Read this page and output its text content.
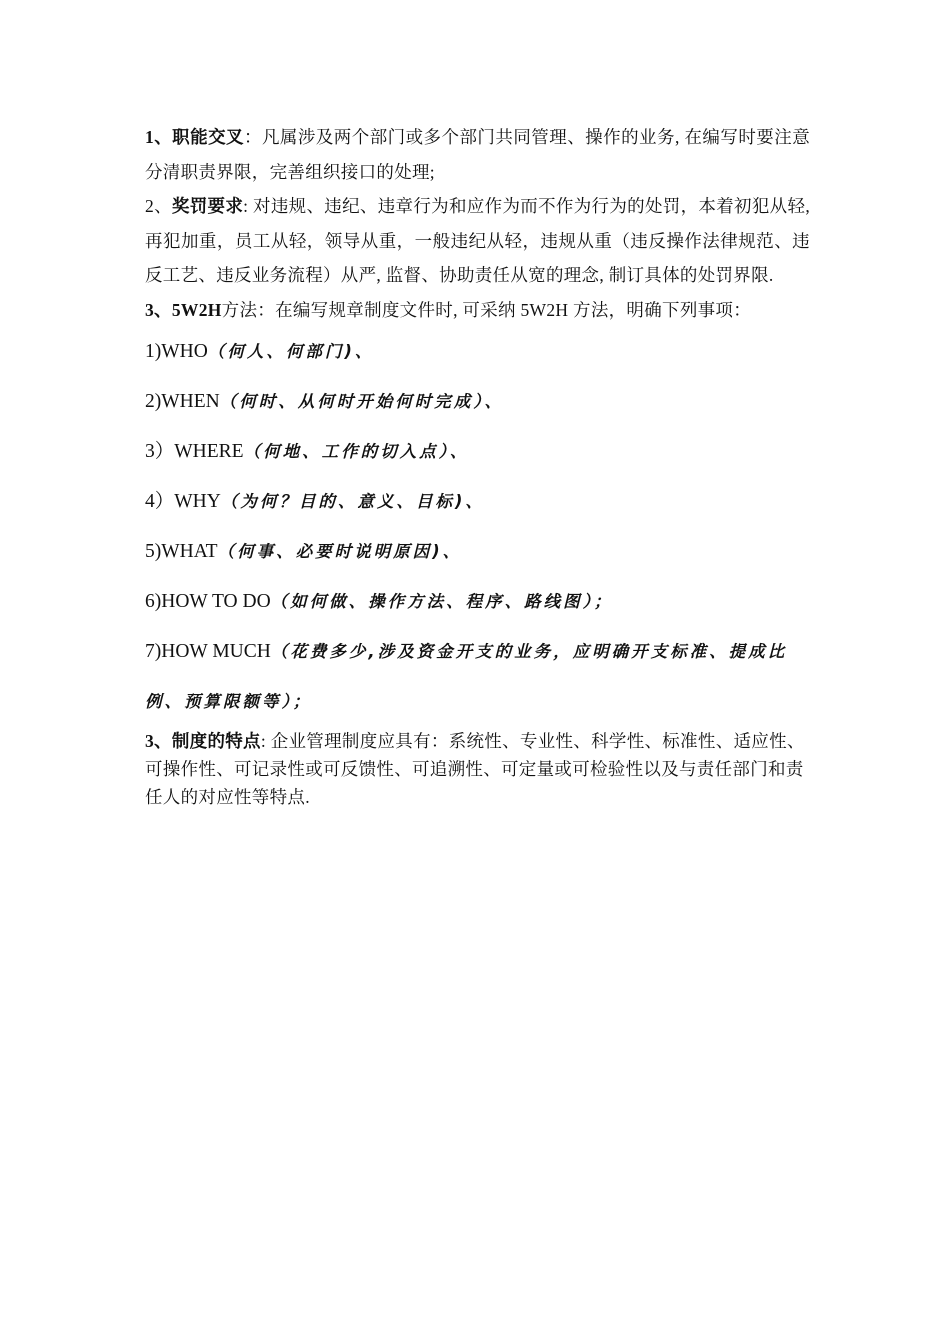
1、职能交叉：凡属涉及两个部门或多个部门共同管理、操作的业务, 在编写时要注意分清职责界限，完善组织接口的处理;

2、奖罚要求: 对违规、违纪、违章行为和应作为而不作为行为的处罚，本着初犯从轻, 再犯加重，员工从轻，领导从重，一般违纪从轻，违规从重（违反操作法律规范、违反工艺、违反业务流程）从严, 监督、协助责任从宽的理念, 制订具体的处罚界限.

3、5W2H方法：在编写规章制度文件时, 可采纳 5W2H 方法，明确下列事项：

1)WHO（何人、何部门)、

2)WHEN（何时、从何时开始何时完成）、

3）WHERE（何地、工作的切入点）、

4）WHY（为何？目的、意义、目标)、

5)WHAT（何事、必要时说明原因)、

6)HOW TO DO（如何做、操作方法、程序、路线图）；

7)HOW MUCH（花费多少,涉及资金开支的业务，应明确开支标准、提成比例、预算限额等）；

3、制度的特点: 企业管理制度应具有：系统性、专业性、科学性、标准性、适应性、可操作性、可记录性或可反馈性、可追溯性、可定量或可检验性以及与责任部门和责任人的对应性等特点.
